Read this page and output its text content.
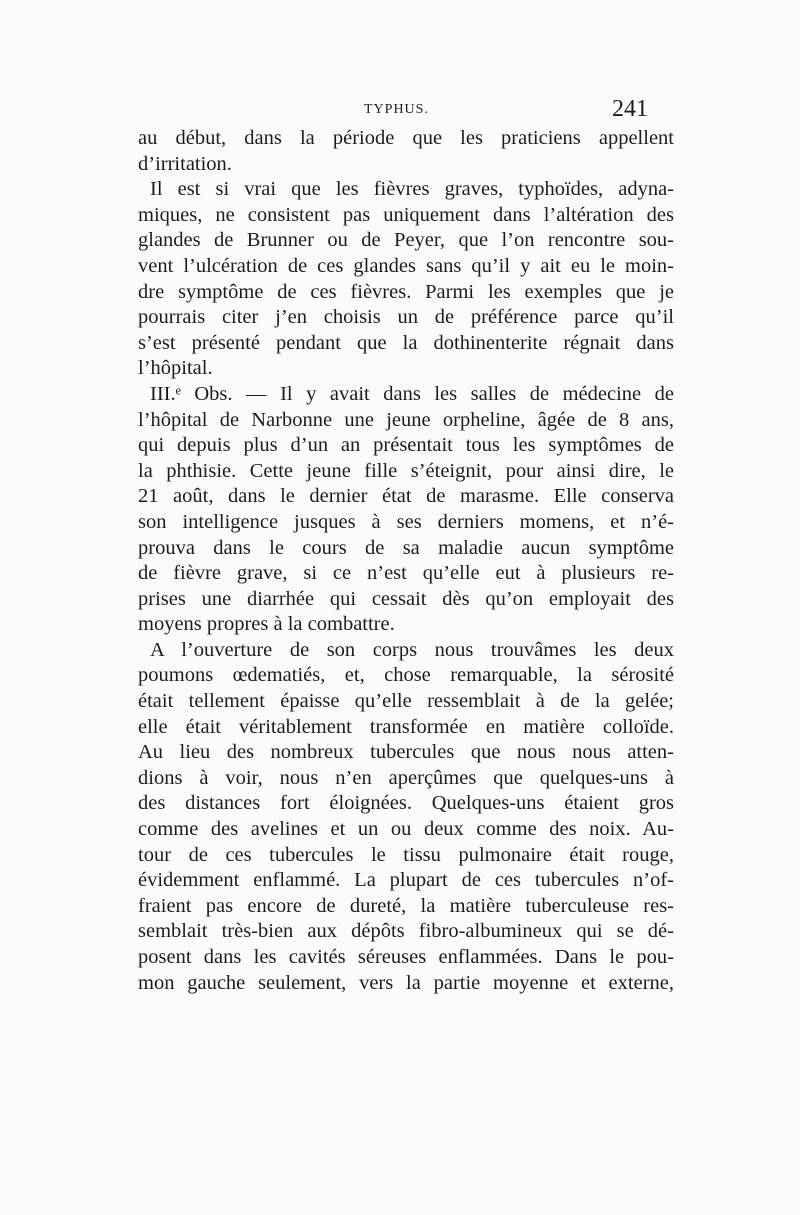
TYPHUS.	241
au début, dans la période que les praticiens appellent
d’irritation.
Il est si vrai que les fièvres graves, typhoïdes, adyna-
miques, ne consistent pas uniquement dans l’altération des
glandes de Brunner ou de Peyer, que l’on rencontre sou-
vent l’ulcération de ces glandes sans qu’il y ait eu le moin-
dre symptôme de ces fièvres. Parmi les exemples que je
pourrais citer j’en choisis un de préférence parce qu’il
s’est présenté pendant que la dothinenterite régnait dans
l’hôpital.
III.ᵉ Obs. — Il y avait dans les salles de médecine de
l’hôpital de Narbonne une jeune orpheline, âgée de 8 ans,
qui depuis plus d’un an présentait tous les symptômes de
la phthisie. Cette jeune fille s’éteignit, pour ainsi dire, le
21 août, dans le dernier état de marasme. Elle conserva
son intelligence jusques à ses derniers momens, et n’é-
prouva dans le cours de sa maladie aucun symptôme
de fièvre grave, si ce n’est qu’elle eut à plusieurs re-
prises une diarrhée qui cessait dès qu’on employait des
moyens propres à la combattre.
A l’ouverture de son corps nous trouvâmes les deux
poumons œdematiés, et, chose remarquable, la sérosité
était tellement épaisse qu’elle ressemblait à de la gelée;
elle était véritablement transformée en matière colloïde.
Au lieu des nombreux tubercules que nous nous atten-
dions à voir, nous n’en aperçûmes que quelques-uns à
des distances fort éloignées. Quelques-uns étaient gros
comme des avelines et un ou deux comme des noix. Au-
tour de ces tubercules le tissu pulmonaire était rouge,
évidemment enflammé. La plupart de ces tubercules n’of-
fraient pas encore de dureté, la matière tuberculeuse res-
semblait très-bien aux dépôts fibro-albumineux qui se dé-
posent dans les cavités séreuses enflammées. Dans le pou-
mon gauche seulement, vers la partie moyenne et externe,
